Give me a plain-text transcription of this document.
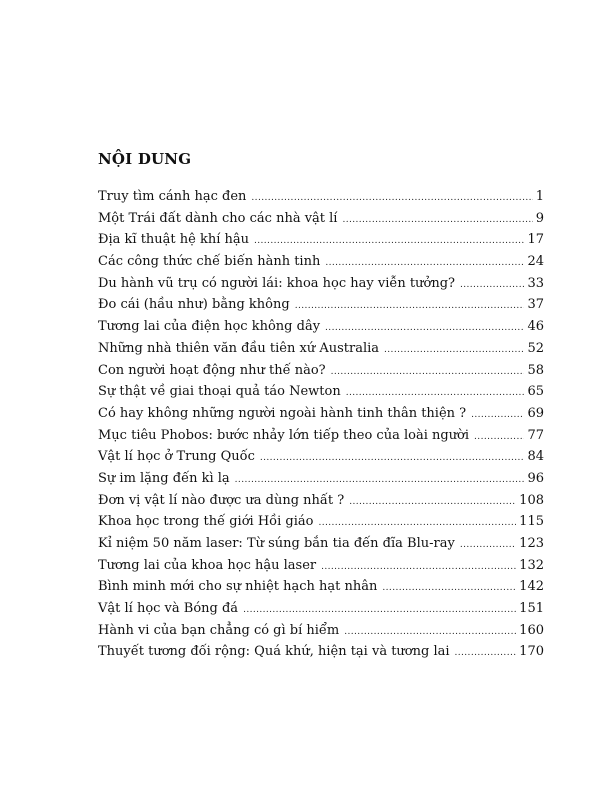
NỘI DUNG
Truy tìm cánh hạc đen .....	1
Một Trái đất dành cho các nhà vật lí .....	9
Địa kĩ thuật hệ khí hậu .....	17
Các công thức chế biến hành tinh .....	24
Du hành vũ trụ có người lái: khoa học hay viễn tưởng? .....	33
Đo cái (hầu như) bằng không .....	37
Tương lai của điện học không dây .....	46
Những nhà thiên văn đầu tiên xứ Australia .....	52
Con người hoạt động như thế nào? .....	58
Sự thật về giai thoại quả táo Newton .....	65
Có hay không những người ngoài hành tinh thân thiện ? .....	69
Mục tiêu Phobos: bước nhảy lớn tiếp theo của loài người .....	77
Vật lí học ở Trung Quốc .....	84
Sự im lặng đến kì lạ .....	96
Đơn vị vật lí nào được ưa dùng nhất ? .....	108
Khoa học trong thế giới Hồi giáo .....	115
Kỉ niệm 50 năm laser: Từ súng bắn tia đến đĩa Blu-ray .....	123
Tương lai của khoa học hậu laser .....	132
Bình minh mới cho sự nhiệt hạch hạt nhân .....	142
Vật lí học và Bóng đá .....	151
Hành vi của bạn chẳng có gì bí hiểm .....	160
Thuyết tương đối rộng: Quá khứ, hiện tại và tương lai .....	170
